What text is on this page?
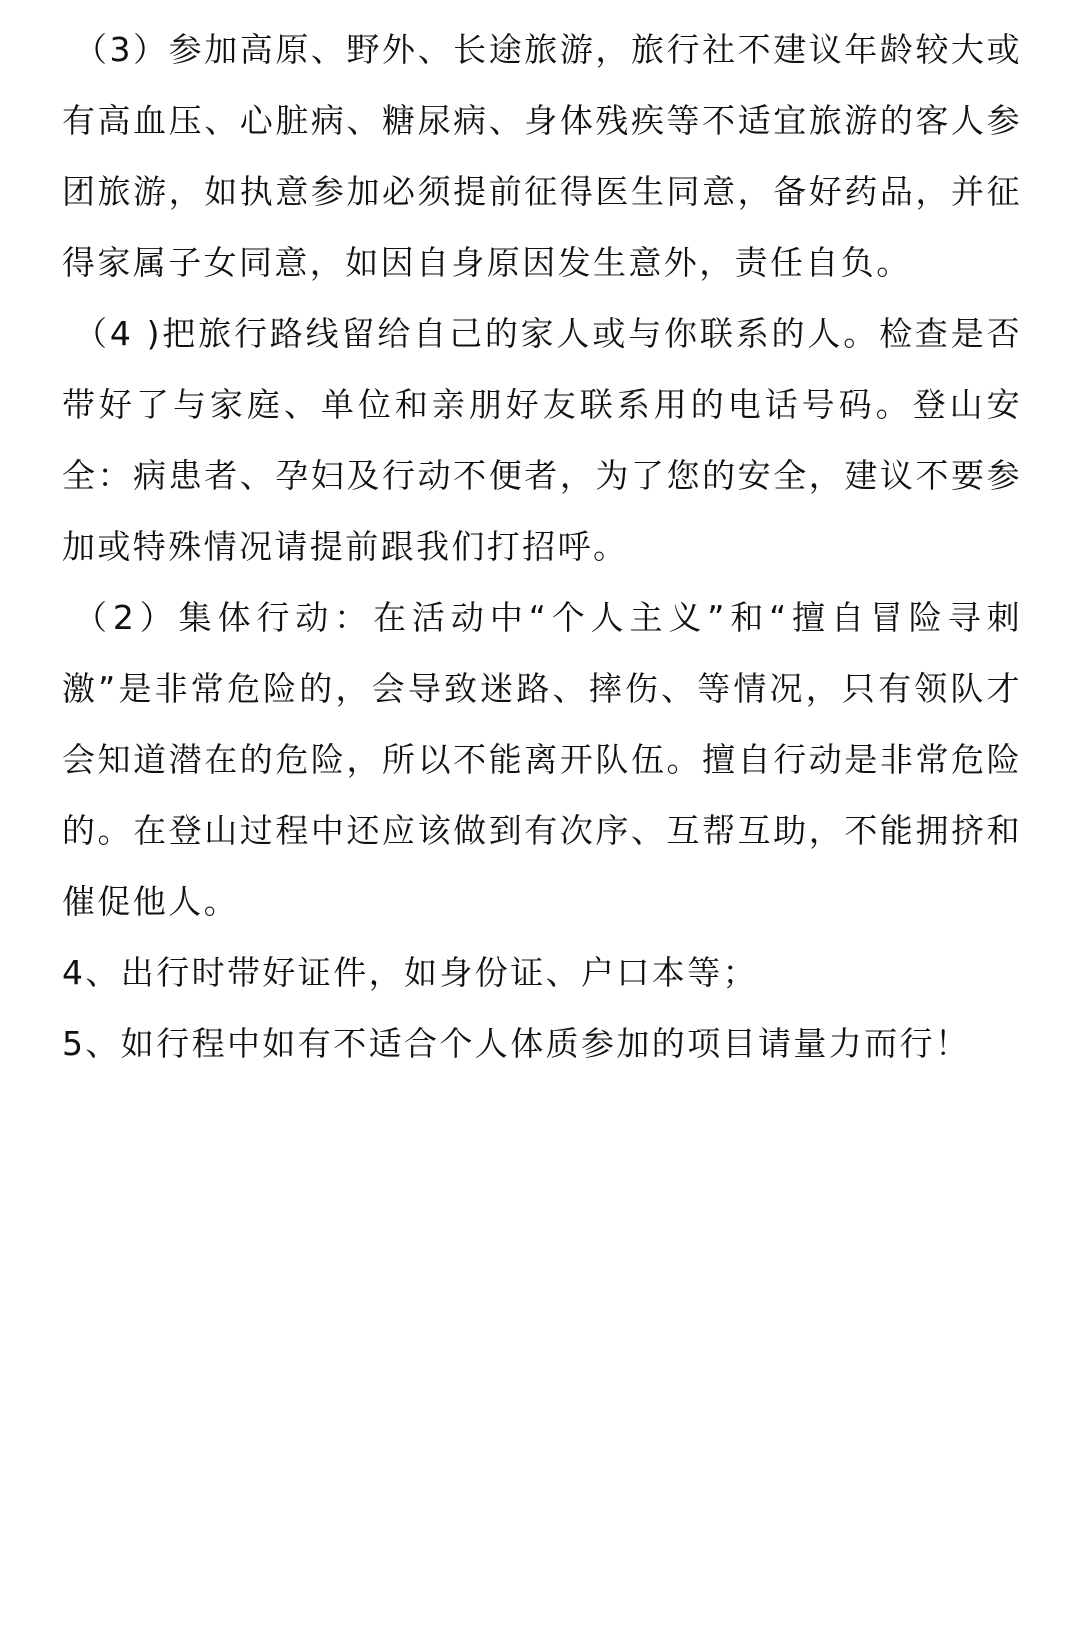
（3）参加高原、野外、长途旅游，旅行社不建议年龄较大或有高血压、心脏病、糖尿病、身体残疾等不适宜旅游的客人参团旅游，如执意参加必须提前征得医生同意，备好药品，并征得家属子女同意，如因自身原因发生意外，责任自负。

（4 )把旅行路线留给自己的家人或与你联系的人。检查是否带好了与家庭、单位和亲朋好友联系用的电话号码。登山安全：病患者、孕妇及行动不便者，为了您的安全，建议不要参加或特殊情况请提前跟我们打招呼。

（2）集体行动：在活动中“个人主义”和“擅自冒险寻刺激”是非常危险的，会导致迷路、摔伤、等情况，只有领队才会知道潜在的危险，所以不能离开队伍。擅自行动是非常危险的。在登山过程中还应该做到有次序、互帮互助，不能拥挤和催促他人。

4、出行时带好证件，如身份证、户口本等；

5、如行程中如有不适合个人体质参加的项目请量力而行！
